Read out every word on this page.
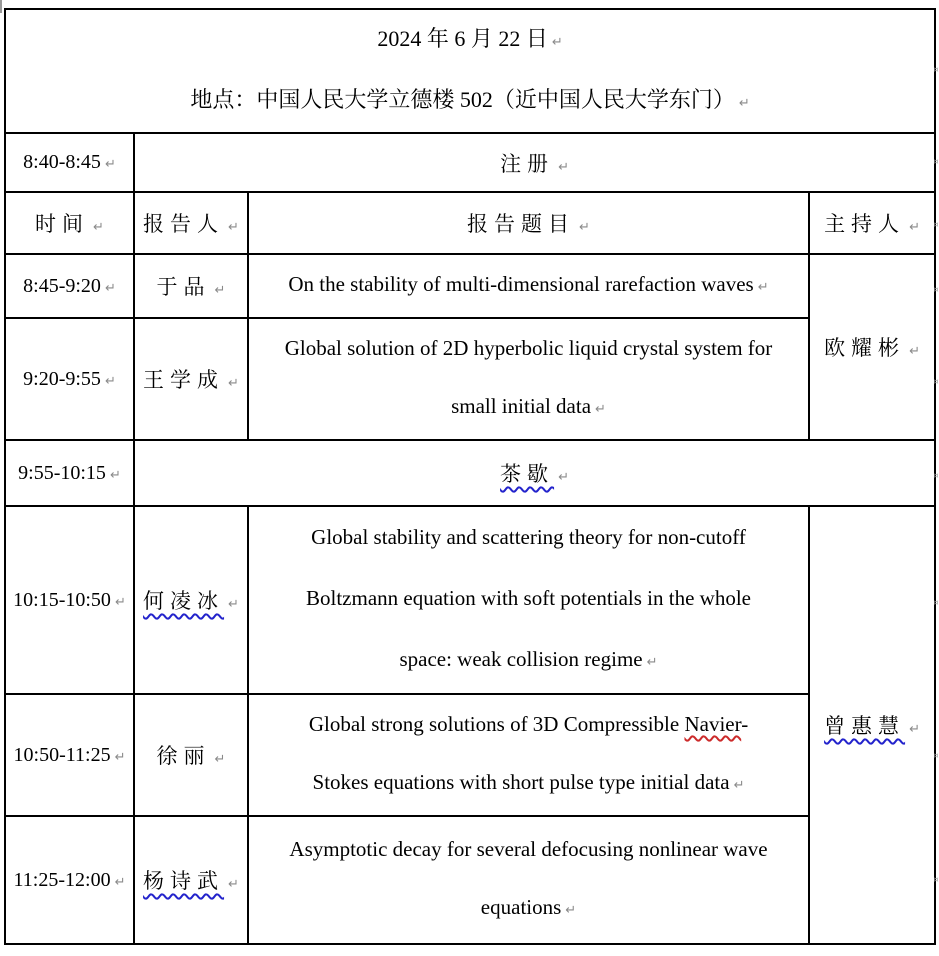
2024 年 6 月 22 日 ↵
地点：中国人民大学立德楼 502（近中国人民大学东门） ↵			

8:40-8:45 ↵	注册 ↵		
时间 ↵	报告人 ↵	报告题目 ↵	主持人 ↵
8:45-9:20 ↵	于品 ↵	On the stability of multi-dimensional rarefaction waves ↵	欧耀彬 ↵
9:20-9:55 ↵	王学成 ↵	Global solution of 2D hyperbolic liquid crystal system for
small initial data ↵	

9:55-10:15 ↵	茶歇 ↵		
10:15-10:50 ↵	何凌冰 ↵	Global stability and scattering theory for non-cutoff
Boltzmann equation with soft potentials in the whole
space: weak collision regime ↵	曾惠慧 ↵
10:50-11:25 ↵	徐丽 ↵	Global strong solutions of 3D Compressible Navier-
Stokes equations with short pulse type initial data ↵	

11:25-12:00 ↵	杨诗武 ↵	Asymptotic decay for several defocusing nonlinear wave
equations ↵	
¤
¤
¤
¤
¤
¤
¤
¤
¤
